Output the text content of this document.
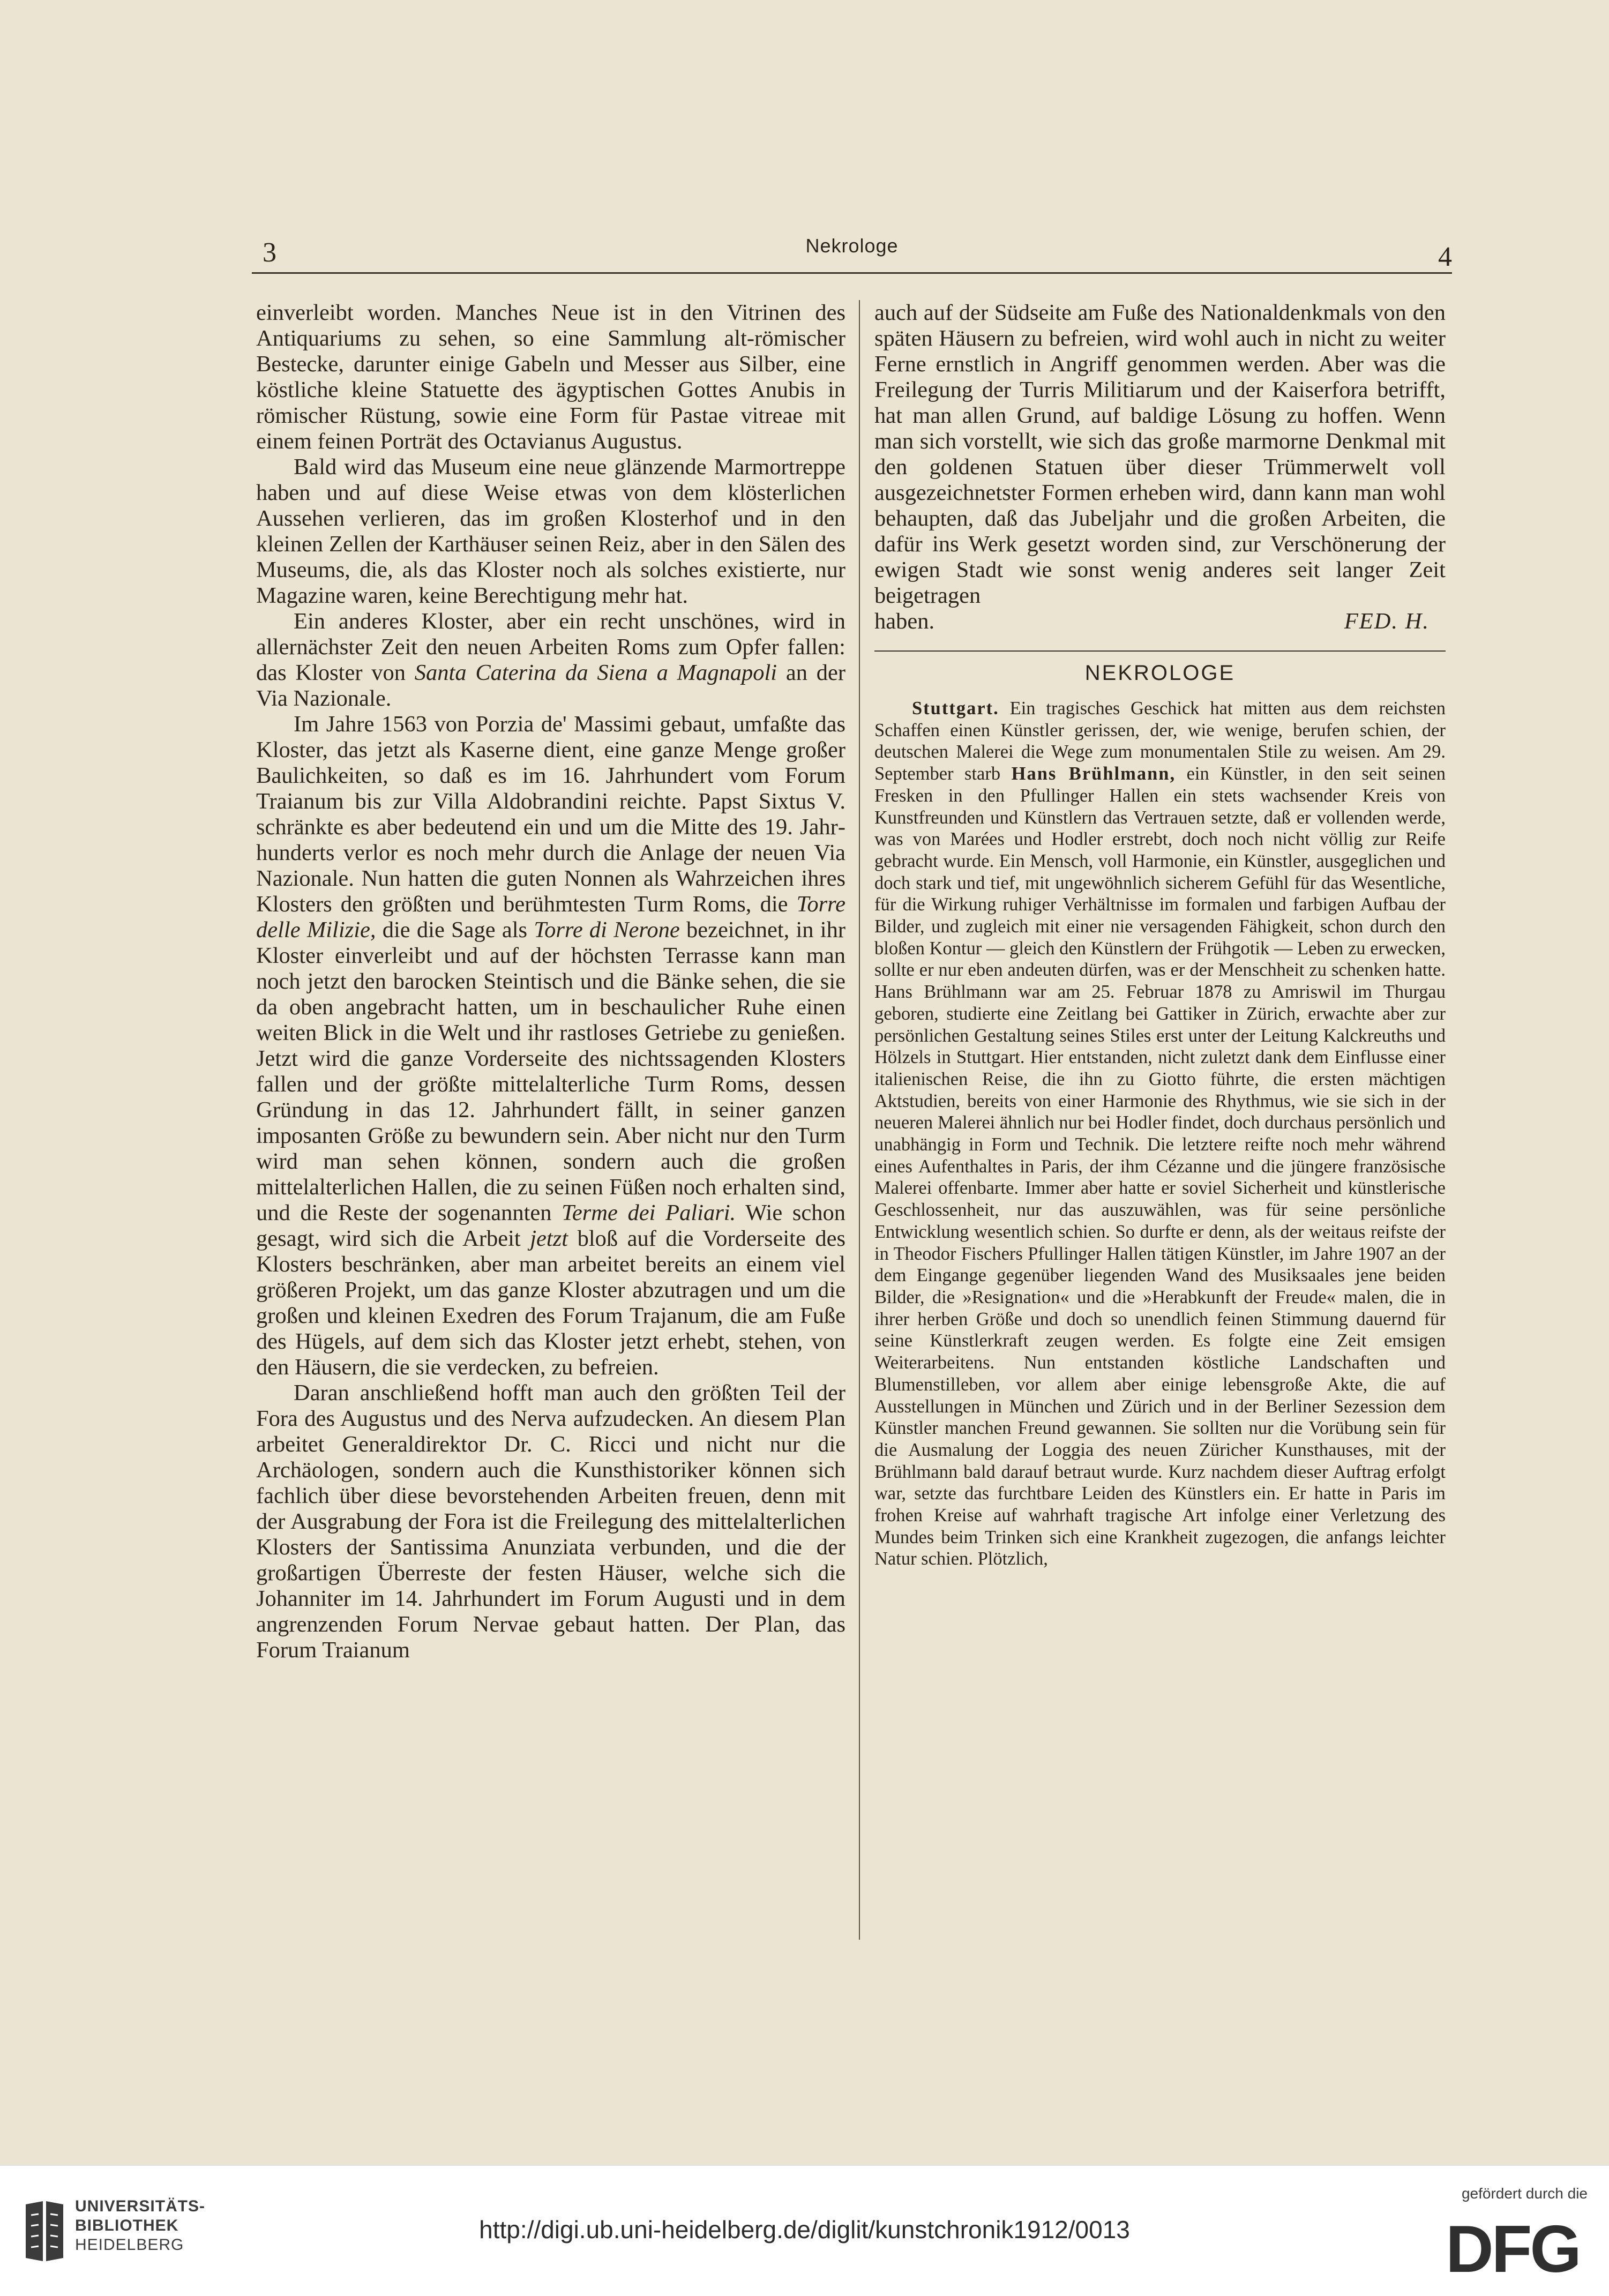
3	Nekrologe	4

einverleibt worden. Manches Neue ist in den Vitrinen des Antiquariums zu sehen, so eine Sammlung alt-römischer Bestecke, darunter einige Gabeln und Messer aus Silber, eine köstliche kleine Statuette des ägyptischen Gottes Anubis in römischer Rüstung, sowie eine Form für Pastae vitreae mit einem feinen Porträt des Octavianus Augustus.

Bald wird das Museum eine neue glänzende Marmortreppe haben und auf diese Weise etwas von dem klösterlichen Aussehen verlieren, das im großen Klosterhof und in den kleinen Zellen der Karthäuser seinen Reiz, aber in den Sälen des Museums, die, als das Kloster noch als solches existierte, nur Magazine waren, keine Berechtigung mehr hat.

Ein anderes Kloster, aber ein recht unschönes, wird in allernächster Zeit den neuen Arbeiten Roms zum Opfer fallen: das Kloster von Santa Caterina da Siena a Magnapoli an der Via Nazionale.

Im Jahre 1563 von Porzia de' Massimi gebaut, umfaßte das Kloster, das jetzt als Kaserne dient, eine ganze Menge großer Baulichkeiten, so daß es im 16. Jahrhundert vom Forum Traianum bis zur Villa Aldobrandini reichte. Papst Sixtus V. schränkte es aber bedeutend ein und um die Mitte des 19. Jahrhunderts verlor es noch mehr durch die Anlage der neuen Via Nazionale. Nun hatten die guten Nonnen als Wahrzeichen ihres Klosters den größten und berühmtesten Turm Roms, die Torre delle Milizie, die die Sage als Torre di Nerone bezeichnet, in ihr Kloster einverleibt und auf der höchsten Terrasse kann man noch jetzt den barocken Steintisch und die Bänke sehen, die sie da oben angebracht hatten, um in beschaulicher Ruhe einen weiten Blick in die Welt und ihr rastloses Getriebe zu genießen. Jetzt wird die ganze Vorderseite des nichtssagenden Klosters fallen und der größte mittelalterliche Turm Roms, dessen Gründung in das 12. Jahrhundert fällt, in seiner ganzen imposanten Größe zu bewundern sein. Aber nicht nur den Turm wird man sehen können, sondern auch die großen mittelalterlichen Hallen, die zu seinen Füßen noch erhalten sind, und die Reste der sogenannten Terme dei Paliari. Wie schon gesagt, wird sich die Arbeit jetzt bloß auf die Vorderseite des Klosters beschränken, aber man arbeitet bereits an einem viel größeren Projekt, um das ganze Kloster abzutragen und um die großen und kleinen Exedren des Forum Trajanum, die am Fuße des Hügels, auf dem sich das Kloster jetzt erhebt, stehen, von den Häusern, die sie verdecken, zu befreien.

Daran anschließend hofft man auch den größten Teil der Fora des Augustus und des Nerva aufzudecken. An diesem Plan arbeitet Generaldirektor Dr. C. Ricci und nicht nur die Archäologen, sondern auch die Kunsthistoriker können sich fachlich über diese bevorstehenden Arbeiten freuen, denn mit der Ausgrabung der Fora ist die Freilegung des mittelalterlichen Klosters der Santissima Anunziata verbunden, und die der großartigen Überreste der festen Häuser, welche sich die Johanniter im 14. Jahrhundert im Forum Augusti und in dem angrenzenden Forum Nervae gebaut hatten. Der Plan, das Forum Traianum

auch auf der Südseite am Fuße des Nationaldenkmals von den späten Häusern zu befreien, wird wohl auch in nicht zu weiter Ferne ernstlich in Angriff genommen werden. Aber was die Freilegung der Turris Militiarum und der Kaiserfora betrifft, hat man allen Grund, auf baldige Lösung zu hoffen. Wenn man sich vorstellt, wie sich das große marmorne Denkmal mit den goldenen Statuen über dieser Trümmerwelt voll ausgezeichnetster Formen erheben wird, dann kann man wohl behaupten, daß das Jubeljahr und die großen Arbeiten, die dafür ins Werk gesetzt worden sind, zur Verschönerung der ewigen Stadt wie sonst wenig anderes seit langer Zeit beigetragen

haben.	FED. H.
NEKROLOGE

Stuttgart. Ein tragisches Geschick hat mitten aus dem reichsten Schaffen einen Künstler gerissen, der, wie wenige, berufen schien, der deutschen Malerei die Wege zum monumentalen Stile zu weisen. Am 29. September starb Hans Brühlmann, ein Künstler, in den seit seinen Fresken in den Pfullinger Hallen ein stets wachsender Kreis von Kunstfreunden und Künstlern das Vertrauen setzte, daß er vollenden werde, was von Marées und Hodler erstrebt, doch noch nicht völlig zur Reife gebracht wurde. Ein Mensch, voll Harmonie, ein Künstler, ausgeglichen und doch stark und tief, mit ungewöhnlich sicherem Gefühl für das Wesentliche, für die Wirkung ruhiger Verhältnisse im formalen und farbigen Aufbau der Bilder, und zugleich mit einer nie versagenden Fähigkeit, schon durch den bloßen Kontur — gleich den Künstlern der Frühgotik — Leben zu erwecken, sollte er nur eben andeuten dürfen, was er der Menschheit zu schenken hatte. Hans Brühlmann war am 25. Februar 1878 zu Amriswil im Thurgau geboren, studierte eine Zeitlang bei Gattiker in Zürich, erwachte aber zur persönlichen Gestaltung seines Stiles erst unter der Leitung Kalckreuths und Hölzels in Stuttgart. Hier entstanden, nicht zuletzt dank dem Einflusse einer italienischen Reise, die ihn zu Giotto führte, die ersten mächtigen Aktstudien, bereits von einer Harmonie des Rhythmus, wie sie sich in der neueren Malerei ähnlich nur bei Hodler findet, doch durchaus persönlich und unabhängig in Form und Technik. Die letztere reifte noch mehr während eines Aufenthaltes in Paris, der ihm Cézanne und die jüngere französische Malerei offenbarte. Immer aber hatte er soviel Sicherheit und künstlerische Geschlossenheit, nur das auszuwählen, was für seine persönliche Entwicklung wesentlich schien. So durfte er denn, als der weitaus reifste der in Theodor Fischers Pfullinger Hallen tätigen Künstler, im Jahre 1907 an der dem Eingange gegenüber liegenden Wand des Musiksaales jene beiden Bilder, die »Resignation« und die »Herabkunft der Freude« malen, die in ihrer herben Größe und doch so unendlich feinen Stimmung dauernd für seine Künstlerkraft zeugen werden. Es folgte eine Zeit emsigen Weiterarbeitens. Nun entstanden köstliche Landschaften und Blumenstilleben, vor allem aber einige lebensgroße Akte, die auf Ausstellungen in München und Zürich und in der Berliner Sezession dem Künstler manchen Freund gewannen. Sie sollten nur die Vorübung sein für die Ausmalung der Loggia des neuen Züricher Kunsthauses, mit der Brühlmann bald darauf betraut wurde. Kurz nachdem dieser Auftrag erfolgt war, setzte das furchtbare Leiden des Künstlers ein. Er hatte in Paris im frohen Kreise auf wahrhaft tragische Art infolge einer Verletzung des Mundes beim Trinken sich eine Krankheit zugezogen, die anfangs leichter Natur schien. Plötzlich,

UNIVERSITÄTS-
BIBLIOTHEK
HEIDELBERG
http://digi.ub.uni-heidelberg.de/diglit/kunstchronik1912/0013
gefördert durch die
DFG
